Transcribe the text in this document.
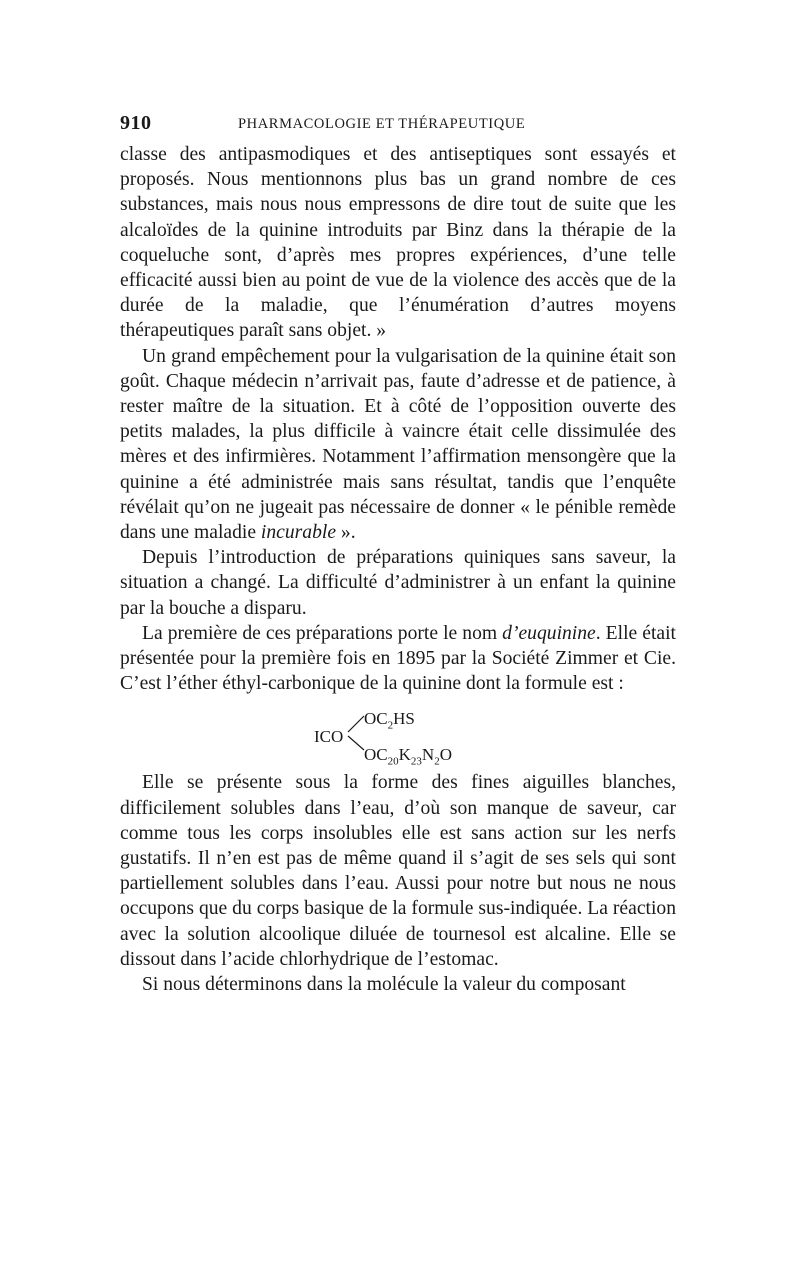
910	PHARMACOLOGIE ET THÉRAPEUTIQUE

classe des antipasmodiques et des antiseptiques sont essayés et proposés. Nous mentionnons plus bas un grand nombre de ces substances, mais nous nous empressons de dire tout de suite que les alcaloïdes de la quinine introduits par Binz dans la thérapie de la coqueluche sont, d’après mes propres expériences, d’une telle efficacité aussi bien au point de vue de la violence des accès que de la durée de la maladie, que l’énumération d’autres moyens thérapeutiques paraît sans objet. »

Un grand empêchement pour la vulgarisation de la quinine était son goût. Chaque médecin n’arrivait pas, faute d’adresse et de patience, à rester maître de la situation. Et à côté de l’opposition ouverte des petits malades, la plus difficile à vaincre était celle dissimulée des mères et des infirmières. Notamment l’affirmation mensongère que la quinine a été administrée mais sans résultat, tandis que l’enquête révélait qu’on ne jugeait pas nécessaire de donner « le pénible remède dans une maladie incurable ».

Depuis l’introduction de préparations quiniques sans saveur, la situation a changé. La difficulté d’administrer à un enfant la quinine par la bouche a disparu.

La première de ces préparations porte le nom d’euquinine. Elle était présentée pour la première fois en 1895 par la Société Zimmer et Cie. C’est l’éther éthyl-carbonique de la quinine dont la formule est :

ICO
$OC_2HS$
$OC_{20}K_{23}N_2O$

Elle se présente sous la forme des fines aiguilles blanches, difficilement solubles dans l’eau, d’où son manque de saveur, car comme tous les corps insolubles elle est sans action sur les nerfs gustatifs. Il n’en est pas de même quand il s’agit de ses sels qui sont partiellement solubles dans l’eau. Aussi pour notre but nous ne nous occupons que du corps basique de la formule sus-indiquée. La réaction avec la solution alcoolique diluée de tournesol est alcaline. Elle se dissout dans l’acide chlorhydrique de l’estomac.

Si nous déterminons dans la molécule la valeur du composant
